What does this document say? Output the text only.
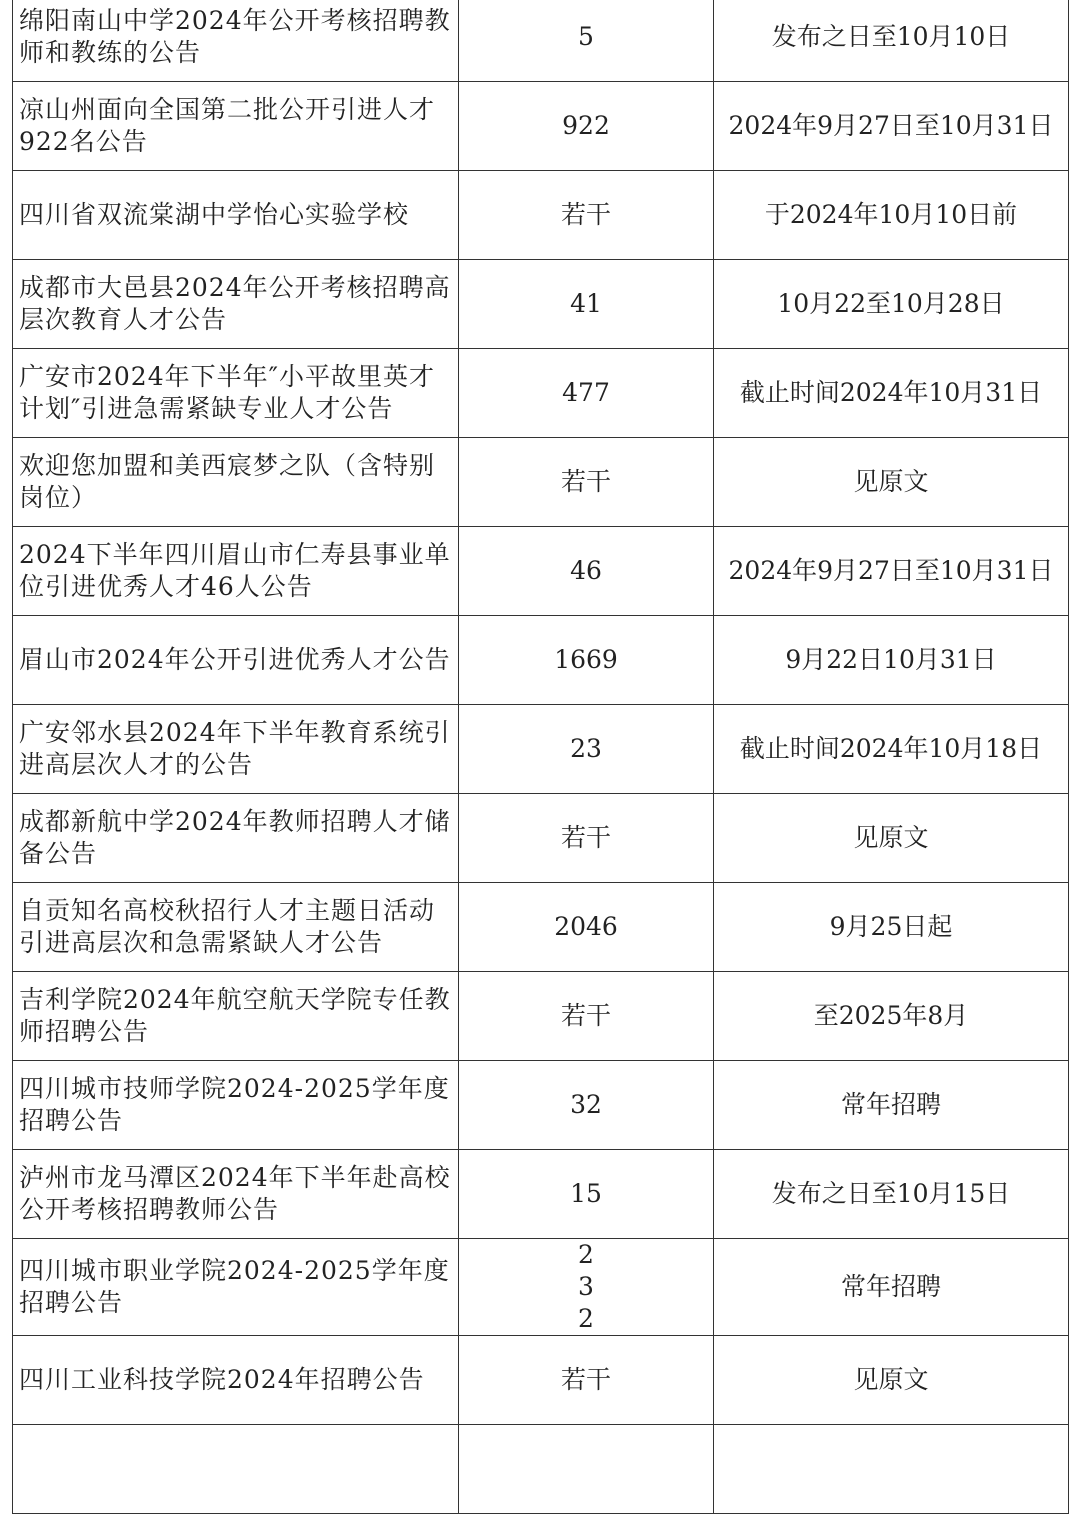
绵阳南山中学2024年公开考核招聘教师和教练的公告	5	发布之日至10月10日
凉山州面向全国第二批公开引进人才922名公告	922	2024年9月27日至10月31日
四川省双流棠湖中学怡心实验学校	若干	于2024年10月10日前
成都市大邑县2024年公开考核招聘高层次教育人才公告	41	10月22至10月28日
广安市2024年下半年″小平故里英才计划″引进急需紧缺专业人才公告	477	截止时间2024年10月31日
欢迎您加盟和美西宸梦之队（含特别岗位）	若干	见原文
2024下半年四川眉山市仁寿县事业单位引进优秀人才46人公告	46	2024年9月27日至10月31日
眉山市2024年公开引进优秀人才公告	1669	9月22日10月31日
广安邻水县2024年下半年教育系统引进高层次人才的公告	23	截止时间2024年10月18日
成都新航中学2024年教师招聘人才储备公告	若干	见原文
自贡知名高校秋招行人才主题日活动引进高层次和急需紧缺人才公告	2046	9月25日起
吉利学院2024年航空航天学院专任教师招聘公告	若干	至2025年8月
四川城市技师学院2024-2025学年度招聘公告	32	常年招聘
泸州市龙马潭区2024年下半年赴高校公开考核招聘教师公告	15	发布之日至10月15日
四川城市职业学院2024-2025学年度招聘公告	232	常年招聘
四川工业科技学院2024年招聘公告	若干	见原文
